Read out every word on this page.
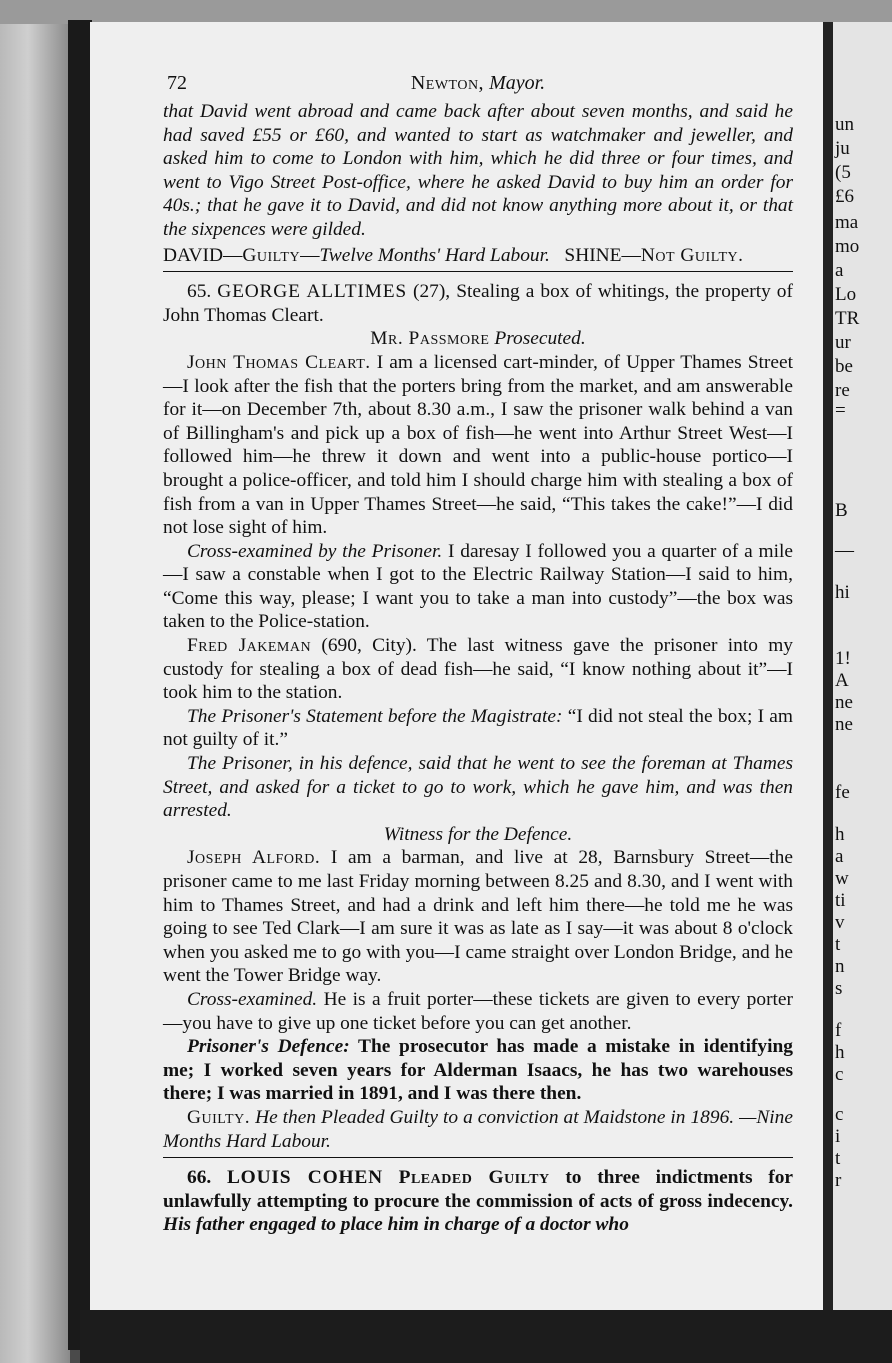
un
ju
(5
£6
ma
mo
a
Lo
TR
ur
be
re
=
B
—
hi
1!
A
ne
ne
fe
h
a
w
ti
v
t
n
s
f
h
c
c
i
t
r
72	Newton, Mayor.

that David went abroad and came back after about seven months, and said he had saved £55 or £60, and wanted to start as watchmaker and jeweller, and asked him to come to London with him, which he did three or four times, and went to Vigo Street Post-office, where he asked David to buy him an order for 40s.; that he gave it to David, and did not know anything more about it, or that the sixpences were gilded.

DAVID—Guilty—Twelve Months' Hard Labour. SHINE—Not Guilty.

65. GEORGE ALLTIMES (27), Stealing a box of whitings, the property of John Thomas Cleart.

Mr. Passmore Prosecuted.

John Thomas Cleart. I am a licensed cart-minder, of Upper Thames Street—I look after the fish that the porters bring from the market, and am answerable for it—on December 7th, about 8.30 a.m., I saw the prisoner walk behind a van of Billingham's and pick up a box of fish—he went into Arthur Street West—I followed him—he threw it down and went into a public-house portico—I brought a police-officer, and told him I should charge him with stealing a box of fish from a van in Upper Thames Street—he said, “This takes the cake!”—I did not lose sight of him.

Cross-examined by the Prisoner. I daresay I followed you a quarter of a mile—I saw a constable when I got to the Electric Railway Station—I said to him, “Come this way, please; I want you to take a man into custody”—the box was taken to the Police-station.

Fred Jakeman (690, City). The last witness gave the prisoner into my custody for stealing a box of dead fish—he said, “I know nothing about it”—I took him to the station.

The Prisoner's Statement before the Magistrate: “I did not steal the box; I am not guilty of it.”

The Prisoner, in his defence, said that he went to see the foreman at Thames Street, and asked for a ticket to go to work, which he gave him, and was then arrested.

Witness for the Defence.

Joseph Alford. I am a barman, and live at 28, Barnsbury Street—the prisoner came to me last Friday morning between 8.25 and 8.30, and I went with him to Thames Street, and had a drink and left him there—he told me he was going to see Ted Clark—I am sure it was as late as I say—it was about 8 o'clock when you asked me to go with you—I came straight over London Bridge, and he went the Tower Bridge way.

Cross-examined. He is a fruit porter—these tickets are given to every porter—you have to give up one ticket before you can get another.

Prisoner's Defence: The prosecutor has made a mistake in identifying me; I worked seven years for Alderman Isaacs, he has two warehouses there; I was married in 1891, and I was there then.

Guilty. He then Pleaded Guilty to a conviction at Maidstone in 1896. —Nine Months Hard Labour.

66. LOUIS COHEN Pleaded Guilty to three indictments for unlawfully attempting to procure the commission of acts of gross indecency. His father engaged to place him in charge of a doctor who
